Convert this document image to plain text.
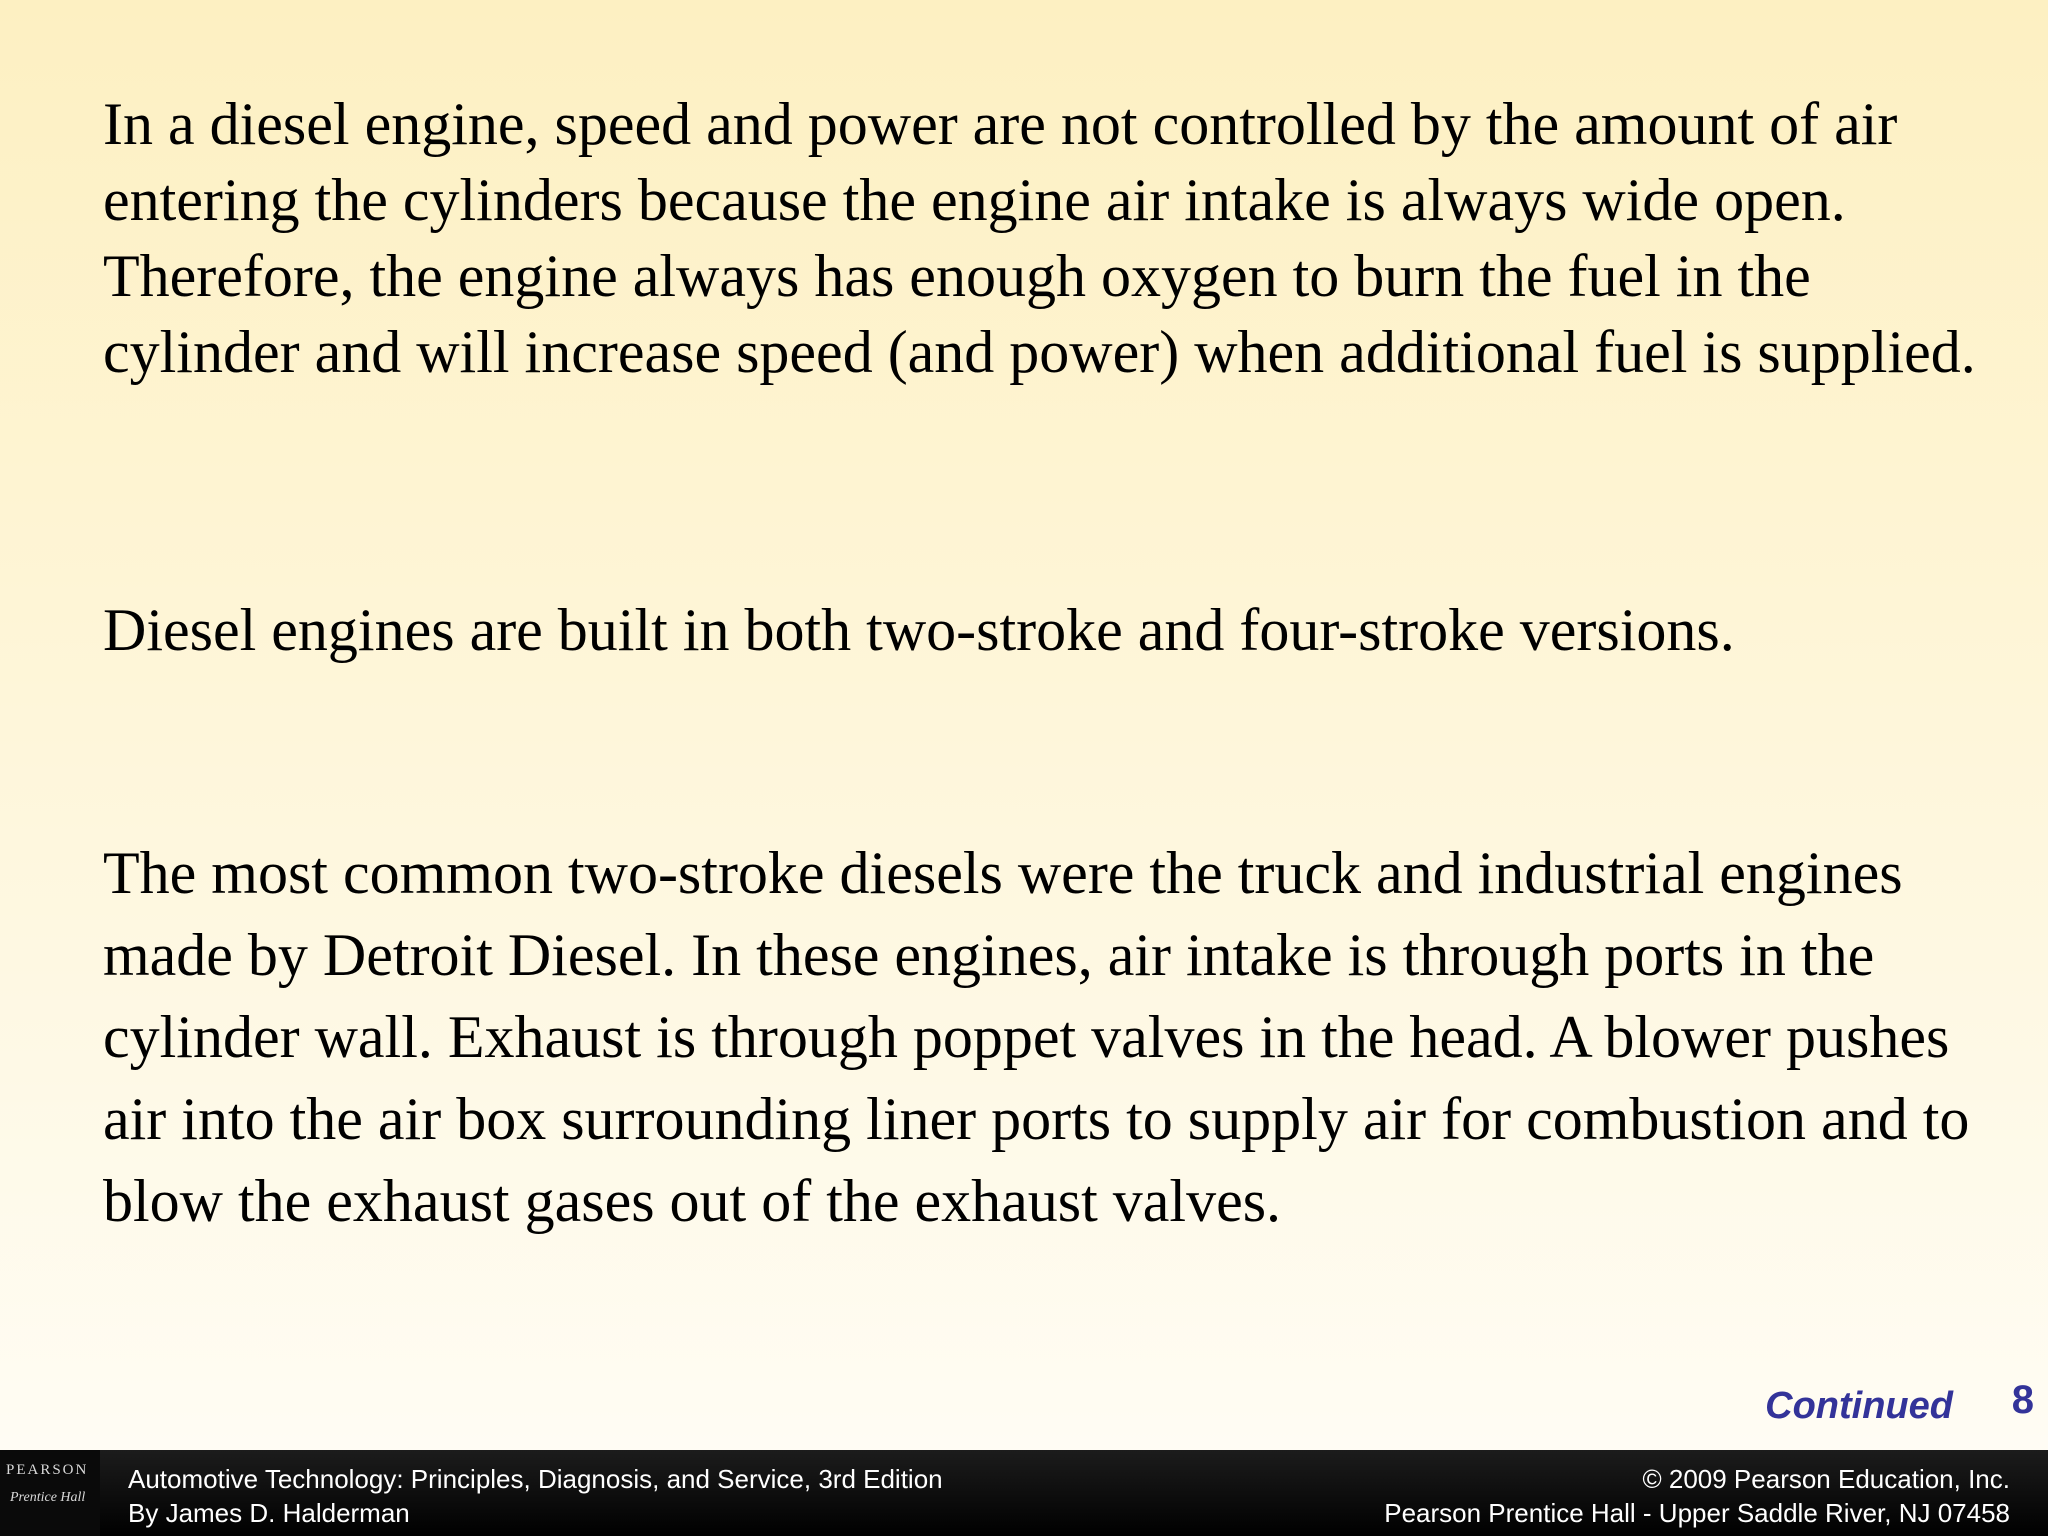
In a diesel engine, speed and power are not controlled by the amount of air entering the cylinders because the engine air intake is always wide open. Therefore, the engine always has enough oxygen to burn the fuel in the cylinder and will increase speed (and power) when additional fuel is supplied.

Diesel engines are built in both two-stroke and four-stroke versions.

The most common two-stroke diesels were the truck and industrial engines made by Detroit Diesel. In these engines, air intake is through ports in the cylinder wall. Exhaust is through poppet valves in the head. A blower pushes air into the air box surrounding liner ports to supply air for combustion and to blow the exhaust gases out of the exhaust valves.

Continued 8
PEARSON
Prentice Hall
Automotive Technology: Principles, Diagnosis, and Service, 3rd Edition
By James D. Halderman
© 2009 Pearson Education, Inc.
Pearson Prentice Hall - Upper Saddle River, NJ 07458
